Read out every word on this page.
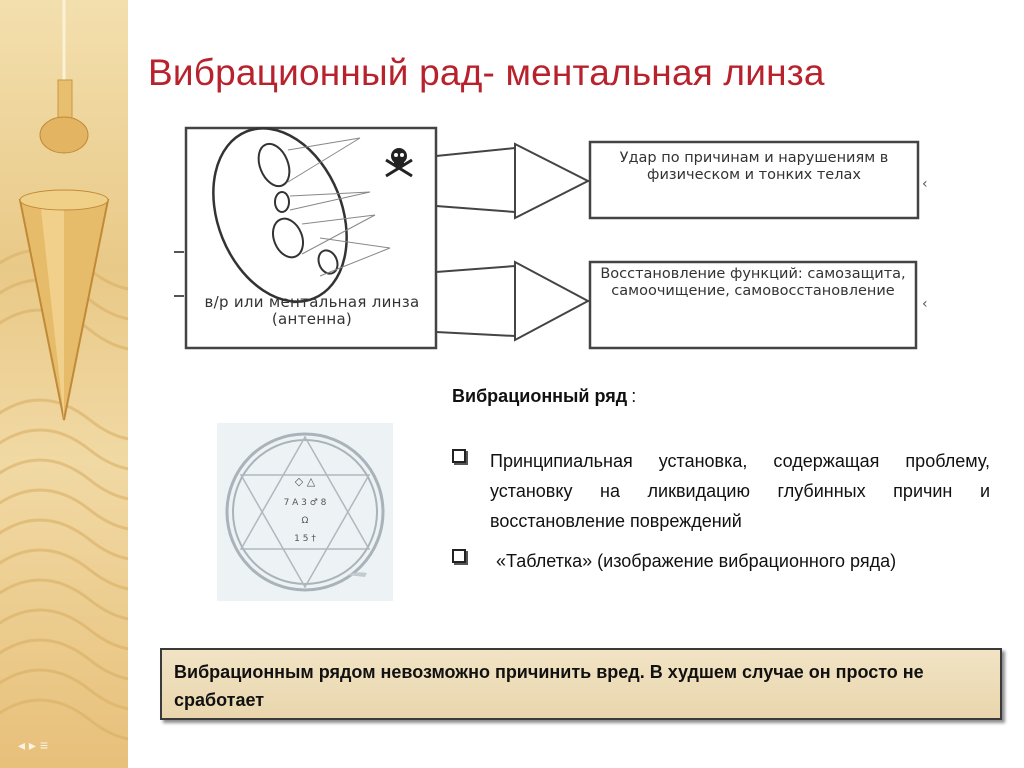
◂ ▸ ≡
Вибрационный рад- ментальная линза
‹
‹
в/р или ментальная линза (антенна)
Удар по причинам и нарушениям в физическом и тонких телах
Восстановление функций: самозащита, самоочищение, самовосстановление
◇ △
7 A 3 ♂ 8
Ω
1 5 †
Вибрационный ряд :
Принципиальная установка, содержащая проблему, установку на ликвидацию глубинных причин и восстановление повреждений
«Таблетка» (изображение вибрационного ряда)
Вибрационным рядом невозможно причинить вред. В худшем случае он просто не сработает
